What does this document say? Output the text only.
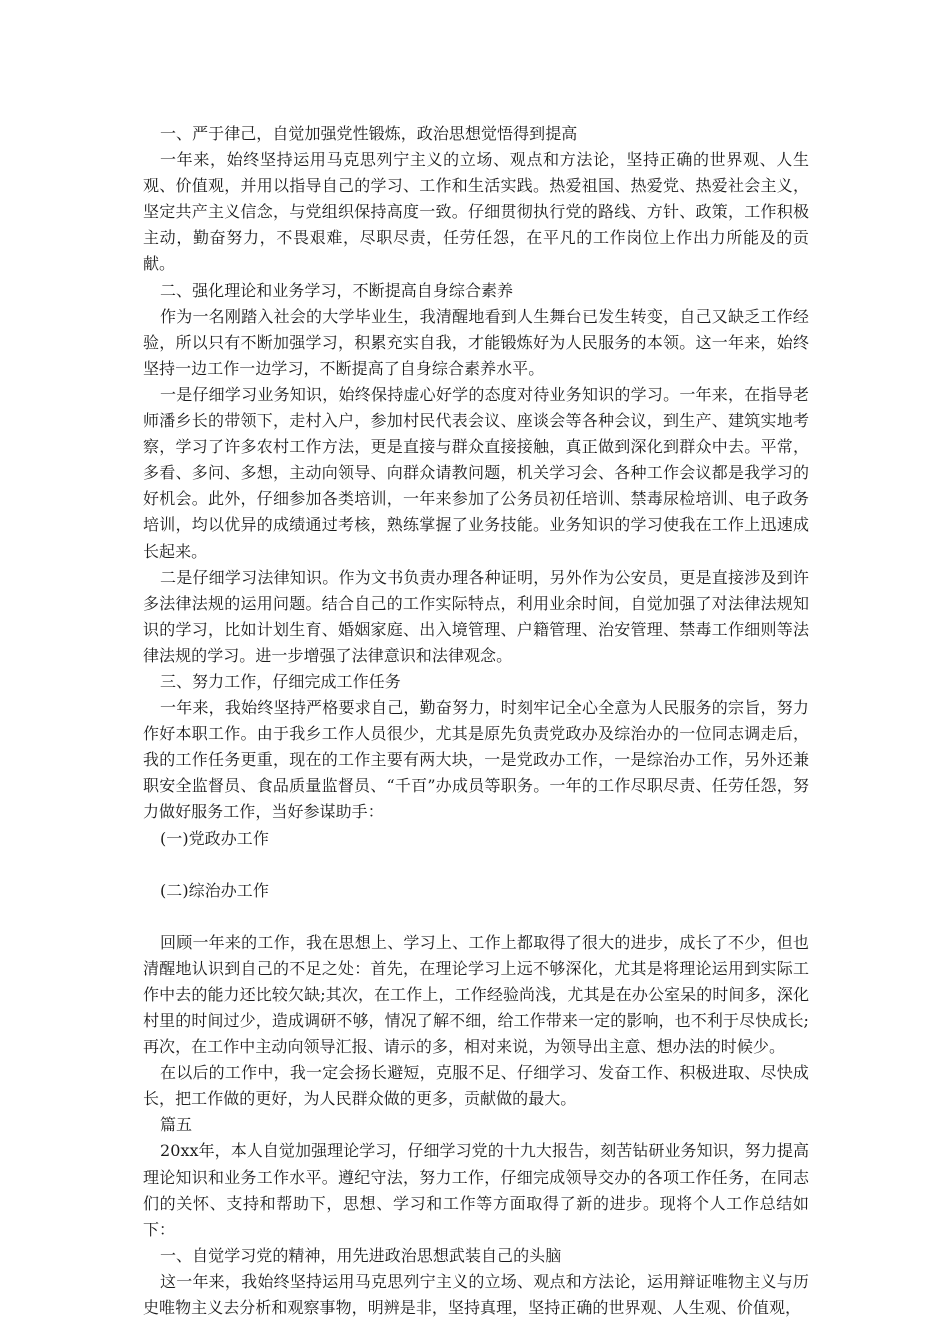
一、严于律己，自觉加强党性锻炼，政治思想觉悟得到提高

一年来，始终坚持运用马克思列宁主义的立场、观点和方法论，坚持正确的世界观、人生观、价值观，并用以指导自己的学习、工作和生活实践。热爱祖国、热爱党、热爱社会主义，坚定共产主义信念，与党组织保持高度一致。仔细贯彻执行党的路线、方针、政策，工作积极主动，勤奋努力，不畏艰难，尽职尽责，任劳任怨，在平凡的工作岗位上作出力所能及的贡献。

二、强化理论和业务学习，不断提高自身综合素养

作为一名刚踏入社会的大学毕业生，我清醒地看到人生舞台已发生转变，自己又缺乏工作经验，所以只有不断加强学习，积累充实自我，才能锻炼好为人民服务的本领。这一年来，始终坚持一边工作一边学习，不断提高了自身综合素养水平。

一是仔细学习业务知识，始终保持虚心好学的态度对待业务知识的学习。一年来，在指导老师潘乡长的带领下，走村入户，参加村民代表会议、座谈会等各种会议，到生产、建筑实地考察，学习了许多农村工作方法，更是直接与群众直接接触，真正做到深化到群众中去。平常，多看、多问、多想，主动向领导、向群众请教问题，机关学习会、各种工作会议都是我学习的好机会。此外，仔细参加各类培训，一年来参加了公务员初任培训、禁毒尿检培训、电子政务培训，均以优异的成绩通过考核，熟练掌握了业务技能。业务知识的学习使我在工作上迅速成长起来。

二是仔细学习法律知识。作为文书负责办理各种证明，另外作为公安员，更是直接涉及到许多法律法规的运用问题。结合自己的工作实际特点，利用业余时间，自觉加强了对法律法规知识的学习，比如计划生育、婚姻家庭、出入境管理、户籍管理、治安管理、禁毒工作细则等法律法规的学习。进一步增强了法律意识和法律观念。

三、努力工作，仔细完成工作任务

一年来，我始终坚持严格要求自己，勤奋努力，时刻牢记全心全意为人民服务的宗旨，努力作好本职工作。由于我乡工作人员很少，尤其是原先负责党政办及综治办的一位同志调走后，我的工作任务更重，现在的工作主要有两大块，一是党政办工作，一是综治办工作，另外还兼职安全监督员、食品质量监督员、“千百”办成员等职务。一年的工作尽职尽责、任劳任怨，努力做好服务工作，当好参谋助手：

(一)党政办工作

(二)综治办工作

回顾一年来的工作，我在思想上、学习上、工作上都取得了很大的进步，成长了不少，但也清醒地认识到自己的不足之处：首先，在理论学习上远不够深化，尤其是将理论运用到实际工作中去的能力还比较欠缺;其次，在工作上，工作经验尚浅，尤其是在办公室呆的时间多，深化村里的时间过少，造成调研不够，情况了解不细，给工作带来一定的影响，也不利于尽快成长;再次，在工作中主动向领导汇报、请示的多，相对来说，为领导出主意、想办法的时候少。

在以后的工作中，我一定会扬长避短，克服不足、仔细学习、发奋工作、积极进取、尽快成长，把工作做的更好，为人民群众做的更多，贡献做的最大。

篇五

20xx年，本人自觉加强理论学习，仔细学习党的十九大报告，刻苦钻研业务知识，努力提高理论知识和业务工作水平。遵纪守法，努力工作，仔细完成领导交办的各项工作任务，在同志们的关怀、支持和帮助下，思想、学习和工作等方面取得了新的进步。现将个人工作总结如下：

一、自觉学习党的精神，用先进政治思想武装自己的头脑

这一年来，我始终坚持运用马克思列宁主义的立场、观点和方法论，运用辩证唯物主义与历史唯物主义去分析和观察事物，明辨是非，坚持真理，坚持正确的世界观、人生观、价值观，
